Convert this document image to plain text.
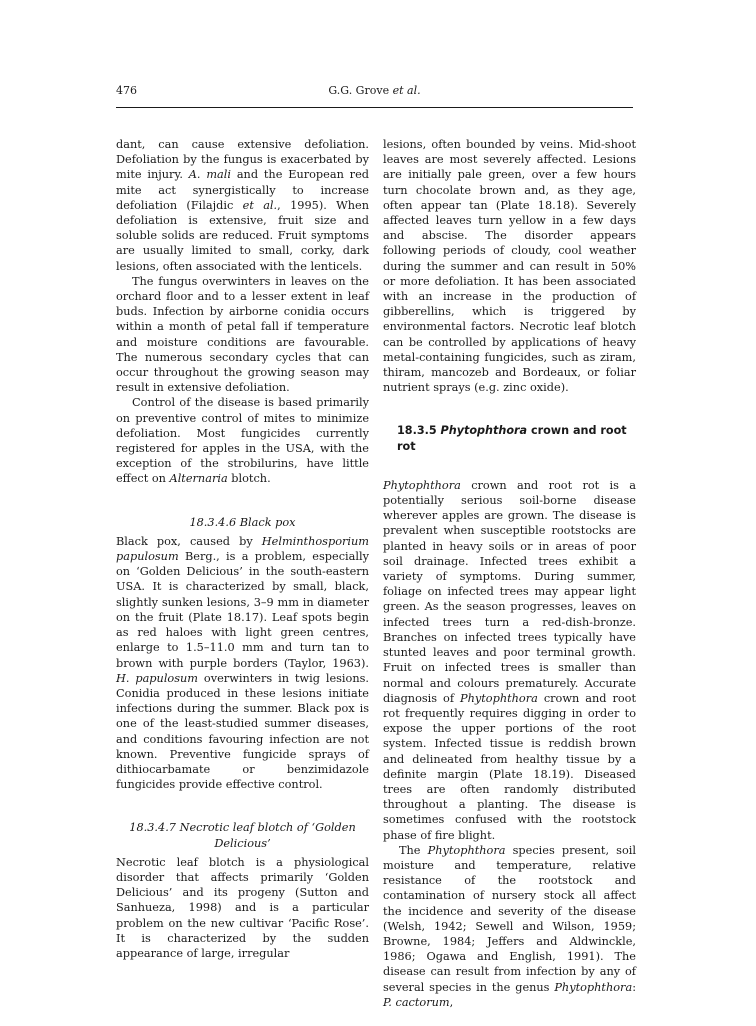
476	G.G. Grove et al.

dant, can cause extensive defoliation. Defoliation by the fungus is exacerbated by mite injury. A. mali and the European red mite act synergistically to increase defoliation (Filajdic et al., 1995). When defoliation is extensive, fruit size and soluble solids are reduced. Fruit symptoms are usually limited to small, corky, dark lesions, often associated with the lenticels.

The fungus overwinters in leaves on the orchard floor and to a lesser extent in leaf buds. Infection by airborne conidia occurs within a month of petal fall if temperature and moisture conditions are favourable. The numerous secondary cycles that can occur throughout the growing season may result in extensive defoliation.

Control of the disease is based primarily on preventive control of mites to minimize defoliation. Most fungicides currently registered for apples in the USA, with the exception of the strobilurins, have little effect on Alternaria blotch.

18.3.4.6 Black pox

Black pox, caused by Helminthosporium papulosum Berg., is a problem, especially on ‘Golden Delicious’ in the south-eastern USA. It is characterized by small, black, slightly sunken lesions, 3–9 mm in diameter on the fruit (Plate 18.17). Leaf spots begin as red haloes with light green centres, enlarge to 1.5–11.0 mm and turn tan to brown with purple borders (Taylor, 1963). H. papulosum overwinters in twig lesions. Conidia produced in these lesions initiate infections during the summer. Black pox is one of the least-studied summer diseases, and conditions favouring infection are not known. Preventive fungicide sprays of dithiocarbamate or benzimidazole fungicides provide effective control.

18.3.4.7 Necrotic leaf blotch of ‘Golden
Delicious’

Necrotic leaf blotch is a physiological disorder that affects primarily ‘Golden Delicious’ and its progeny (Sutton and Sanhueza, 1998) and is a particular problem on the new cultivar ‘Pacific Rose’. It is characterized by the sudden appearance of large, irregular

lesions, often bounded by veins. Mid-shoot leaves are most severely affected. Lesions are initially pale green, over a few hours turn chocolate brown and, as they age, often appear tan (Plate 18.18). Severely affected leaves turn yellow in a few days and abscise. The disorder appears following periods of cloudy, cool weather during the summer and can result in 50% or more defoliation. It has been associated with an increase in the production of gibberellins, which is triggered by environmental factors. Necrotic leaf blotch can be controlled by applications of heavy metal-containing fungicides, such as ziram, thiram, mancozeb and Bordeaux, or foliar nutrient sprays (e.g. zinc oxide).

18.3.5 Phytophthora crown and root rot

Phytophthora crown and root rot is a potentially serious soil-borne disease wherever apples are grown. The disease is prevalent when susceptible rootstocks are planted in heavy soils or in areas of poor soil drainage. Infected trees exhibit a variety of symptoms. During summer, foliage on infected trees may appear light green. As the season progresses, leaves on infected trees turn a red-dish-bronze. Branches on infected trees typically have stunted leaves and poor terminal growth. Fruit on infected trees is smaller than normal and colours prematurely. Accurate diagnosis of Phytophthora crown and root rot frequently requires digging in order to expose the upper portions of the root system. Infected tissue is reddish brown and delineated from healthy tissue by a definite margin (Plate 18.19). Diseased trees are often randomly distributed throughout a planting. The disease is sometimes confused with the rootstock phase of fire blight.

The Phytophthora species present, soil moisture and temperature, relative resistance of the rootstock and contamination of nursery stock all affect the incidence and severity of the disease (Welsh, 1942; Sewell and Wilson, 1959; Browne, 1984; Jeffers and Aldwinckle, 1986; Ogawa and English, 1991). The disease can result from infection by any of several species in the genus Phytophthora: P. cactorum,
